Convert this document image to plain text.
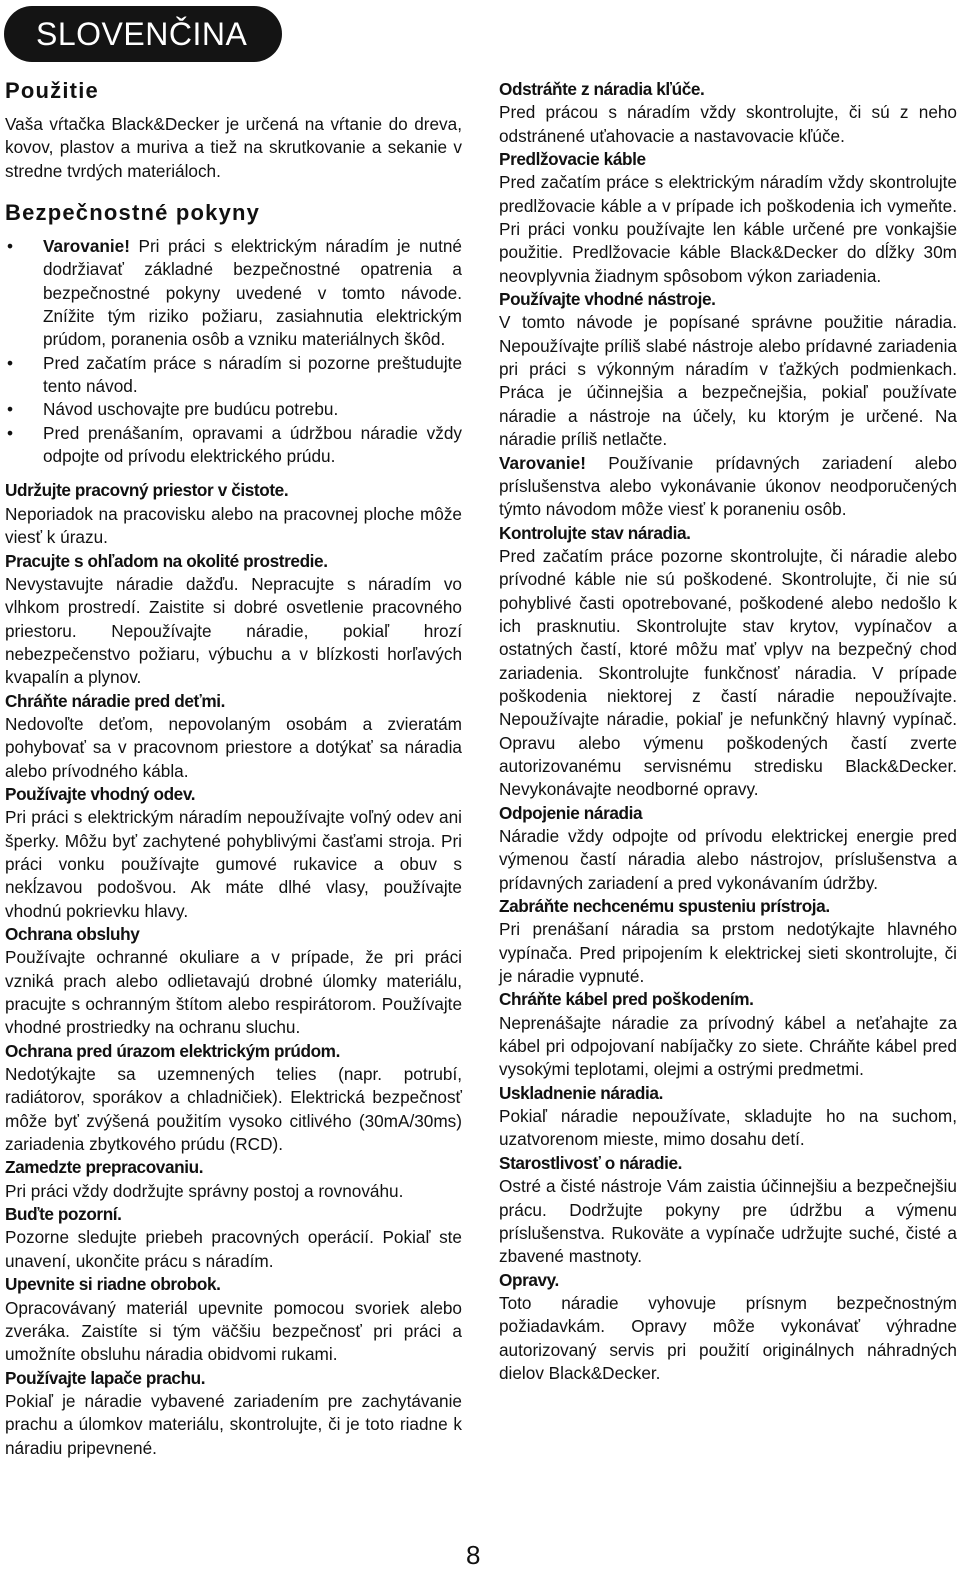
SLOVENČINA
Použitie

Vaša vŕtačka Black&Decker je určená na vŕtanie do dreva, kovov, plastov a muriva a tiež na skrutkovanie a sekanie v stredne tvrdých materiáloch.

Bezpečnostné pokyny
• Varovanie! Pri práci s elektrickým náradím je nutné dodržiavať základné bezpečnostné opatrenia a bezpečnostné pokyny uvedené v tomto návode. Znížite tým riziko požiaru, zasiahnutia elektrickým prúdom, poranenia osôb a vzniku materiálnych škôd.
• Pred začatím práce s náradím si pozorne preštudujte tento návod.
• Návod uschovajte pre budúcu potrebu.
• Pred prenášaním, opravami a údržbou náradie vždy odpojte od prívodu elektrického prúdu.
Udržujte pracovný priestor v čistote.

Neporiadok na pracovisku alebo na pracovnej ploche môže viesť k úrazu.

Pracujte s ohľadom na okolité prostredie.

Nevystavujte náradie dažďu. Nepracujte s náradím vo vlhkom prostredí. Zaistite si dobré osvetlenie pracovného priestoru. Nepoužívajte náradie, pokiaľ hrozí nebezpečenstvo požiaru, výbuchu a v blízkosti horľavých kvapalín a plynov.

Chráňte náradie pred deťmi.

Nedovoľte deťom, nepovolaným osobám a zvieratám pohybovať sa v pracovnom priestore a dotýkať sa náradia alebo prívodného kábla.

Používajte vhodný odev.

Pri práci s elektrickým náradím nepoužívajte voľný odev ani šperky. Môžu byť zachytené pohyblivými časťami stroja. Pri práci vonku používajte gumové rukavice a obuv s nekĺzavou podošvou. Ak máte dlhé vlasy, používajte vhodnú pokrievku hlavy.

Ochrana obsluhy

Používajte ochranné okuliare a v prípade, že pri práci vzniká prach alebo odlietavajú drobné úlomky materiálu, pracujte s ochranným štítom alebo respirátorom. Používajte vhodné prostriedky na ochranu sluchu.

Ochrana pred úrazom elektrickým prúdom.

Nedotýkajte sa uzemnených telies (napr. potrubí, radiátorov, sporákov a chladničiek). Elektrická bezpečnosť môže byť zvýšená použitím vysoko citlivého (30mA/30ms) zariadenia zbytkového prúdu (RCD).

Zamedzte prepracovaniu.

Pri práci vždy dodržujte správny postoj a rovnováhu.

Buďte pozorní.

Pozorne sledujte priebeh pracovných operácií. Pokiaľ ste unavení, ukončite prácu s náradím.

Upevnite si riadne obrobok.

Opracovávaný materiál upevnite pomocou svoriek alebo zveráka. Zaistíte si tým väčšiu bezpečnosť pri práci a umožníte obsluhu náradia obidvomi rukami.

Používajte lapače prachu.

Pokiaľ je náradie vybavené zariadením pre zachytávanie prachu a úlomkov materiálu, skontrolujte, či je toto riadne k náradiu pripevnené.

Odstráňte z náradia kľúče.

Pred prácou s náradím vždy skontrolujte, či sú z neho odstránené uťahovacie a nastavovacie kľúče.

Predlžovacie káble

Pred začatím práce s elektrickým náradím vždy skontrolujte predlžovacie káble a v prípade ich poškodenia ich vymeňte. Pri práci vonku používajte len káble určené pre vonkajšie použitie. Predlžovacie káble Black&Decker do dĺžky 30m neovplyvnia žiadnym spôsobom výkon zariadenia.

Používajte vhodné nástroje.

V tomto návode je popísané správne použitie náradia. Nepoužívajte príliš slabé nástroje alebo prídavné zariadenia pri práci s výkonným náradím v ťažkých podmienkach. Práca je účinnejšia a bezpečnejšia, pokiaľ používate náradie a nástroje na účely, ku ktorým je určené. Na náradie príliš netlačte.

Varovanie! Používanie prídavných zariadení alebo príslušenstva alebo vykonávanie úkonov neodporučených týmto návodom môže viesť k poraneniu osôb.

Kontrolujte stav náradia.

Pred začatím práce pozorne skontrolujte, či náradie alebo prívodné káble nie sú poškodené. Skontrolujte, či nie sú pohyblivé časti opotrebované, poškodené alebo nedošlo k ich prasknutiu. Skontrolujte stav krytov, vypínačov a ostatných častí, ktoré môžu mať vplyv na bezpečný chod zariadenia. Skontrolujte funkčnosť náradia. V prípade poškodenia niektorej z častí náradie nepoužívajte. Nepoužívajte náradie, pokiaľ je nefunkčný hlavný vypínač. Opravu alebo výmenu poškodených častí zverte autorizovanému servisnému stredisku Black&Decker. Nevykonávajte neodborné opravy.

Odpojenie náradia

Náradie vždy odpojte od prívodu elektrickej energie pred výmenou častí náradia alebo nástrojov, príslušenstva a prídavných zariadení a pred vykonávaním údržby.

Zabráňte nechcenému spusteniu prístroja.

Pri prenášaní náradia sa prstom nedotýkajte hlavného vypínača. Pred pripojením k elektrickej sieti skontrolujte, či je náradie vypnuté.

Chráňte kábel pred poškodením.

Neprenášajte náradie za prívodný kábel a neťahajte za kábel pri odpojovaní nabíjačky zo siete. Chráňte kábel pred vysokými teplotami, olejmi a ostrými predmetmi.

Uskladnenie náradia.

Pokiaľ náradie nepoužívate, skladujte ho na suchom, uzatvorenom mieste, mimo dosahu detí.

Starostlivosť o náradie.

Ostré a čisté nástroje Vám zaistia účinnejšiu a bezpečnejšiu prácu. Dodržujte pokyny pre údržbu a výmenu príslušenstva. Rukoväte a vypínače udržujte suché, čisté a zbavené mastnoty.

Opravy.

Toto náradie vyhovuje prísnym bezpečnostným požiadavkám. Opravy môže vykonávať výhradne autorizovaný servis pri použití originálnych náhradných dielov Black&Decker.

8
